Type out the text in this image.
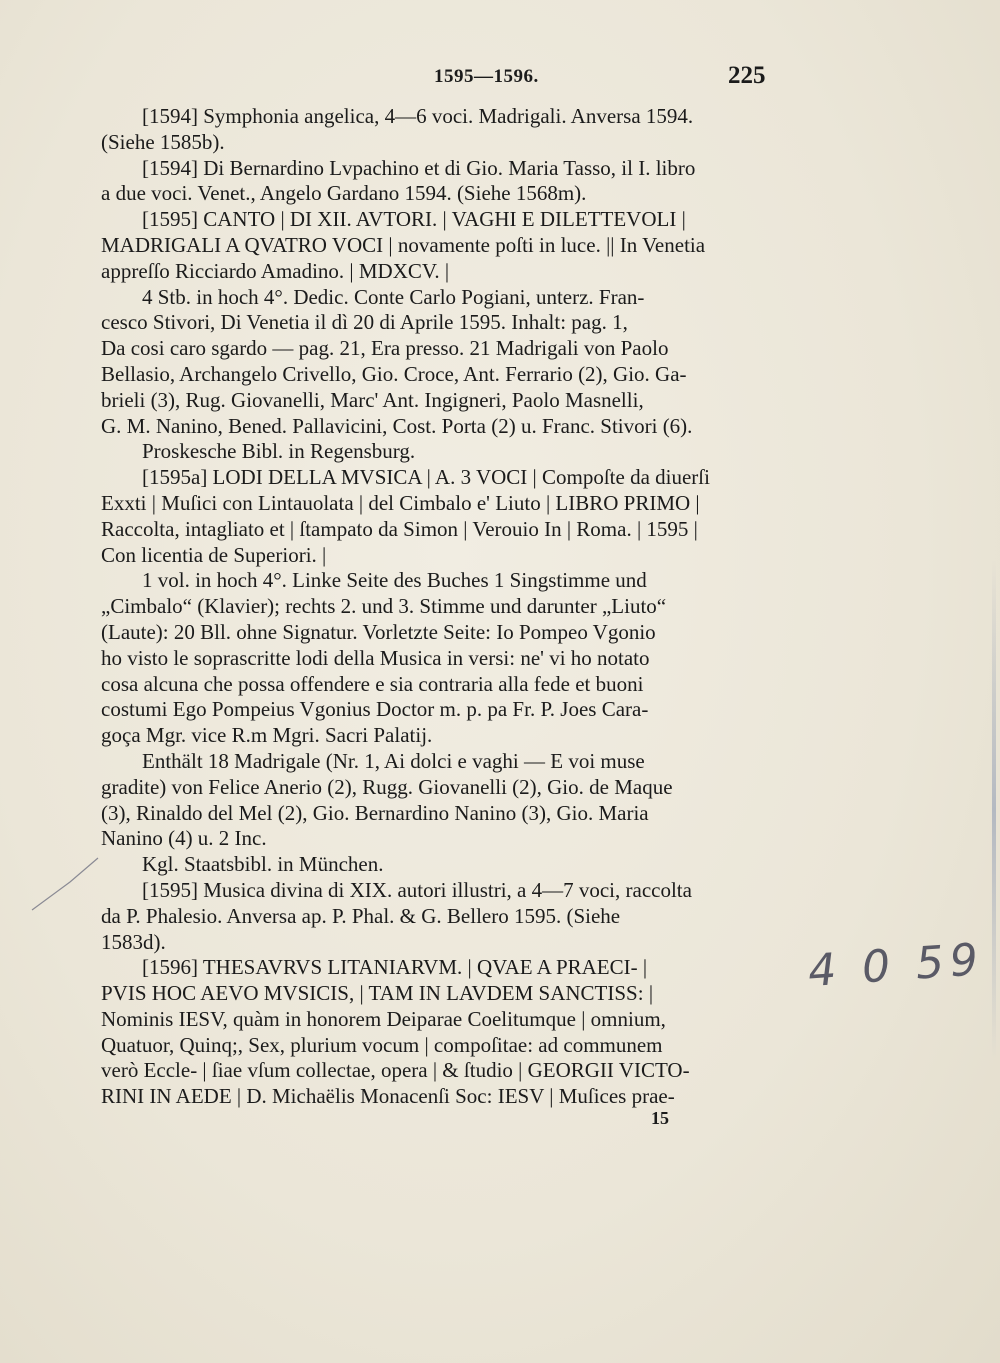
1595—1596.	225
[1594] Symphonia angelica, 4—6 voci. Madrigali. Anversa 1594.
(Siehe 1585b).
[1594] Di Bernardino Lvpachino et di Gio. Maria Tasso, il I. libro
a due voci. Venet., Angelo Gardano 1594. (Siehe 1568m).
[1595] CANTO | DI XII. AVTORI. | VAGHI E DILETTEVOLI |
MADRIGALI A QVATRO VOCI | novamente poſti in luce. || In Venetia
appreſſo Ricciardo Amadino. | MDXCV. |
4 Stb. in hoch 4°. Dedic. Conte Carlo Pogiani, unterz. Fran-
cesco Stivori, Di Venetia il dì 20 di Aprile 1595. Inhalt: pag. 1,
Da cosi caro sgardo — pag. 21, Era presso. 21 Madrigali von Paolo
Bellasio, Archangelo Crivello, Gio. Croce, Ant. Ferrario (2), Gio. Ga-
brieli (3), Rug. Giovanelli, Marc' Ant. Ingigneri, Paolo Masnelli,
G. M. Nanino, Bened. Pallavicini, Cost. Porta (2) u. Franc. Stivori (6).
Proskesche Bibl. in Regensburg.
[1595a] LODI DELLA MVSICA | A. 3 VOCI | Compoſte da diuerſi
Exxti | Muſici con Lintauolata | del Cimbalo e' Liuto | LIBRO PRIMO |
Raccolta, intagliato et | ſtampato da Simon | Verouio In | Roma. | 1595 |
Con licentia de Superiori. |
1 vol. in hoch 4°. Linke Seite des Buches 1 Singstimme und
„Cimbalo“ (Klavier); rechts 2. und 3. Stimme und darunter „Liuto“
(Laute): 20 Bll. ohne Signatur. Vorletzte Seite: Io Pompeo Vgonio
ho visto le soprascritte lodi della Musica in versi: ne' vi ho notato
cosa alcuna che possa offendere e sia contraria alla fede et buoni
costumi Ego Pompeius Vgonius Doctor m. p. pa Fr. P. Joes Cara-
goça Mgr. vice R.m Mgri. Sacri Palatij.
Enthält 18 Madrigale (Nr. 1, Ai dolci e vaghi — E voi muse
gradite) von Felice Anerio (2), Rugg. Giovanelli (2), Gio. de Maque
(3), Rinaldo del Mel (2), Gio. Bernardino Nanino (3), Gio. Maria
Nanino (4) u. 2 Inc.
Kgl. Staatsbibl. in München.
[1595] Musica divina di XIX. autori illustri, a 4—7 voci, raccolta
da P. Phalesio. Anversa ap. P. Phal. & G. Bellero 1595. (Siehe
1583d).
[1596] THESAVRVS LITANIARVM. | QVAE A PRAECI- |
PVIS HOC AEVO MVSICIS, | TAM IN LAVDEM SANCTISS: |
Nominis IESV, quàm in honorem Deiparae Coelitumque | omnium,
Quatuor, Quinq;, Sex, plurium vocum | compoſitae: ad communem
verò Eccle- | ſiae vſum collectae, opera | & ſtudio | GEORGII VICTO-
RINI IN AEDE | D. Michaëlis Monacenſi Soc: IESV | Muſices prae-
15
4 0 59
